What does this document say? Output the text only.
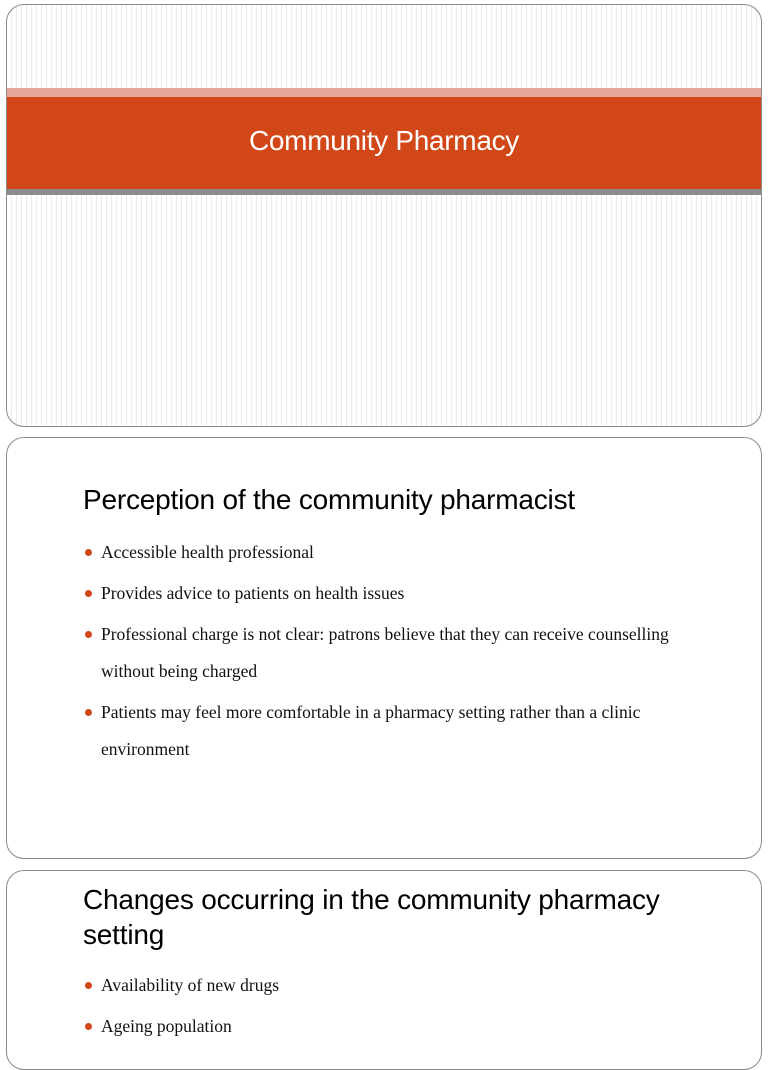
Community Pharmacy
Perception of the community pharmacist
Accessible health professional
Provides advice to patients on health issues
Professional charge is not clear: patrons believe that they can receive counselling without being charged
Patients may feel more comfortable in a pharmacy setting rather than a clinic environment
Changes occurring in the community pharmacy setting
Availability of new drugs
Ageing population
